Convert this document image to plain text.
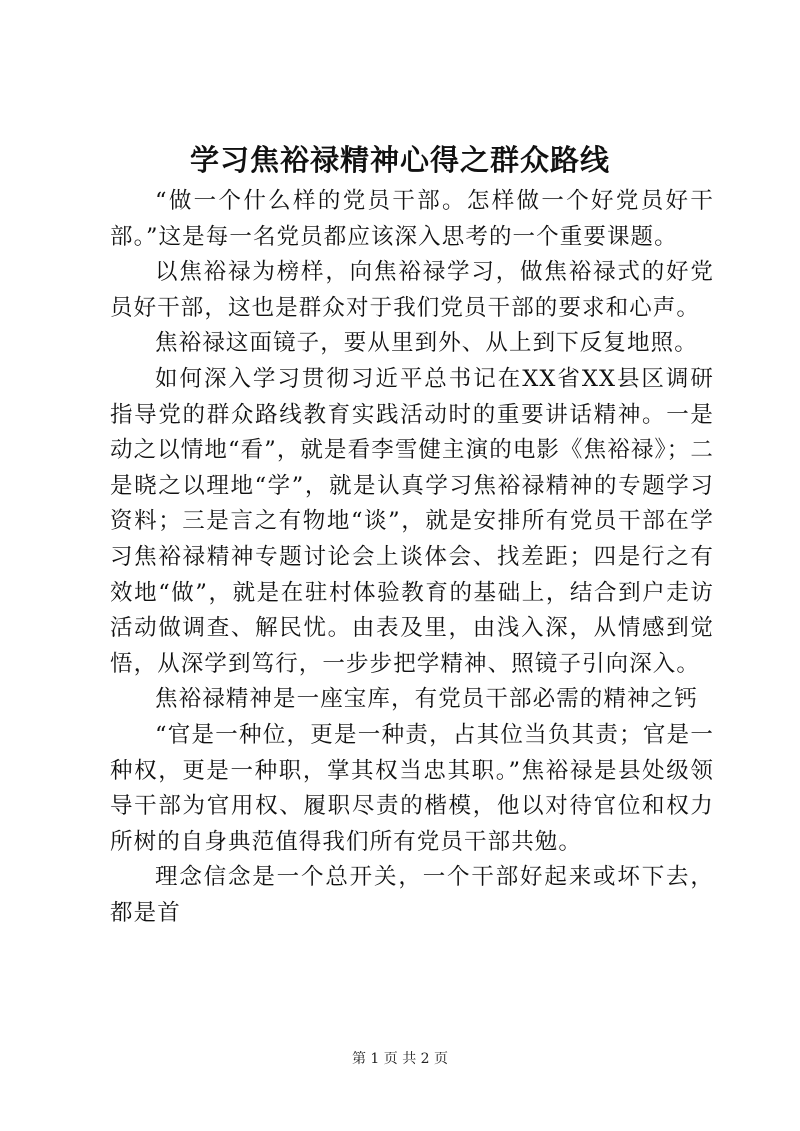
学习焦裕禄精神心得之群众路线

“做一个什么样的党员干部。怎样做一个好党员好干部。”这是每一名党员都应该深入思考的一个重要课题。

以焦裕禄为榜样，向焦裕禄学习，做焦裕禄式的好党员好干部，这也是群众对于我们党员干部的要求和心声。

焦裕禄这面镜子，要从里到外、从上到下反复地照。

如何深入学习贯彻习近平总书记在XX省XX县区调研指导党的群众路线教育实践活动时的重要讲话精神。一是动之以情地“看”，就是看李雪健主演的电影《焦裕禄》；二是晓之以理地“学”，就是认真学习焦裕禄精神的专题学习资料；三是言之有物地“谈”，就是安排所有党员干部在学习焦裕禄精神专题讨论会上谈体会、找差距；四是行之有效地“做”，就是在驻村体验教育的基础上，结合到户走访活动做调查、解民忧。由表及里，由浅入深，从情感到觉悟，从深学到笃行，一步步把学精神、照镜子引向深入。

焦裕禄精神是一座宝库，有党员干部必需的精神之钙

“官是一种位，更是一种责，占其位当负其责；官是一种权，更是一种职，掌其权当忠其职。”焦裕禄是县处级领导干部为官用权、履职尽责的楷模，他以对待官位和权力所树的自身典范值得我们所有党员干部共勉。

理念信念是一个总开关，一个干部好起来或坏下去，都是首

第 1 页 共 2 页
